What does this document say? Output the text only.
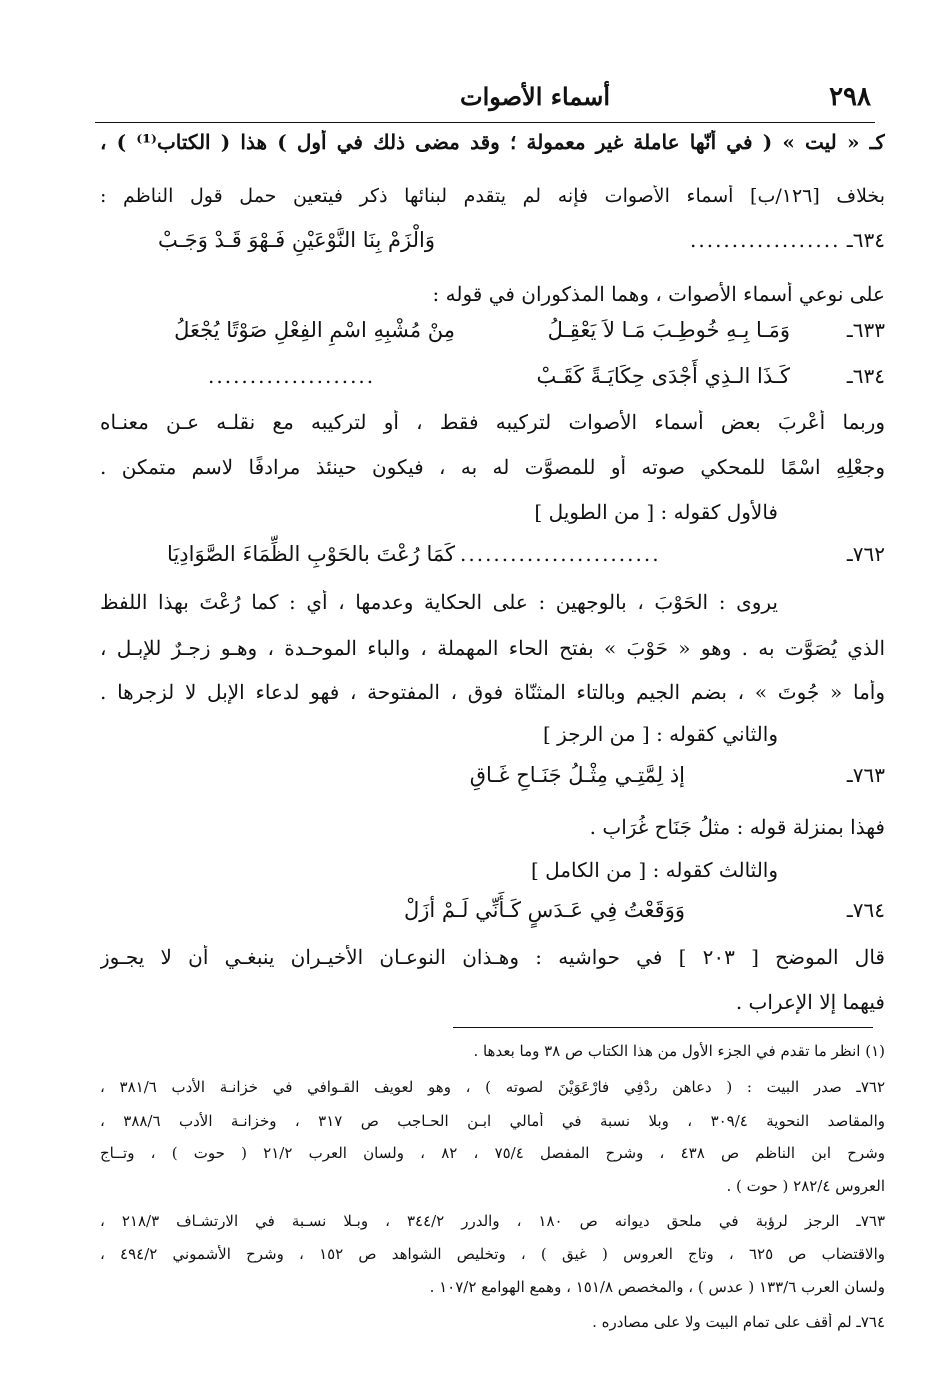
٢٩٨
أسماء الأصوات
كـ « ليت » ( في أنّها عاملة غير معمولة ؛ وقد مضى ذلك في أول ) هذا ( الكتاب⁽¹⁾ ) ،
بخلاف [١٢٦/ب] أسماء الأصوات فإنه لم يتقدم لبنائها ذكر فيتعين حمل قول الناظم :
٦٣٤ـ
..................
وَالْزَمْ بِنَا النَّوْعَيْنِ فَـهْوَ قَـدْ وَجَـبْ
على نوعي أسماء الأصوات ، وهما المذكوران في قوله :
٦٣٣ـ
وَمَـا بِـهِ خُوطِـبَ مَـا لاَ يَعْقِـلُ
مِنْ مُشْبِهِ اسْمِ الفِعْلِ صَوْتًا يُجْعَلُ
٦٣٤ـ
كَـذَا الـذِي أَجْدَى حِكَايَـةً كَقَـبْ
....................
وربما أعْرِبَ بعض أسماء الأصوات لتركيبه فقط ، أو لتركيبه مع نقلـه عـن معنـاه
وجعْلِهِ اسْمًا للمحكي صوته أو للمصوَّت له به ، فيكون حينئذ مرادفًا لاسم متمكن .
فالأول كقوله : [ من الطويل ]
٧٦٢ـ
........................
كَمَا رُعْتَ بالحَوْبِ الظِّمَاءَ الصَّوَادِيَا
يروى : الحَوْبَ ، بالوجهين : على الحكاية وعدمها ، أي : كما رُعْتَ بهذا اللفظ
الذي يُصَوَّت به . وهو « حَوْبَ » بفتح الحاء المهملة ، والباء الموحـدة ، وهـو زجـرٌ للإبـل ،
وأما « جُوتَ » ، بضم الجيم وبالتاء المثنّاة فوق ، المفتوحة ، فهو لدعاء الإبل لا لزجرها .
والثاني كقوله : [ من الرجز ]
٧٦٣ـ
إذ لِمَّتِـي مِثْـلُ جَنَـاحِ غَـاقِ
فهذا بمنزلة قوله : مثلُ جَنَاحِ غُرَابٍ .
والثالث كقوله : [ من الكامل ]
٧٦٤ـ
وَوَقَعْتُ فِي عَـدَسٍ كَـأَنِّي لَـمْ أزَلْ
قال الموضح [ ٢٠٣ ] في حواشيه : وهـذان النوعـان الأخيـران ينبغـي أن لا يجـوز
فيهما إلا الإعراب .
(١) انظر ما تقدم في الجزء الأول من هذا الكتاب ص ٣٨ وما بعدها .
٧٦٢ـ صدر البيت : ( دعاهن رِدْفِي فارْعَوَيْنَ لصوته ) ، وهو لعويف القـوافي في خزانـة الأدب ٣٨١/٦ ،
والمقاصد النحوية ٣٠٩/٤ ، وبلا نسبة في أمالي ابـن الحـاجب ص ٣١٧ ، وخزانـة الأدب ٣٨٨/٦ ،
وشرح ابن الناظم ص ٤٣٨ ، وشرح المفصل ٧٥/٤ ، ٨٢ ، ولسان العرب ٢١/٢ ( حوت ) ، وتــاج
العروس ٢٨٢/٤ ( حوت ) .
٧٦٣ـ الرجز لرؤبة في ملحق ديوانه ص ١٨٠ ، والدرر ٣٤٤/٢ ، وبـلا نسـبة في الارتشـاف ٢١٨/٣ ،
والاقتضاب ص ٦٢٥ ، وتاج العروس ( غيق ) ، وتخليص الشواهد ص ١٥٢ ، وشرح الأشموني ٤٩٤/٢ ،
ولسان العرب ١٣٣/٦ ( عدس ) ، والمخصص ١٥١/٨ ، وهمع الهوامع ١٠٧/٢ .
٧٦٤ـ لم أقف على تمام البيت ولا على مصادره .
